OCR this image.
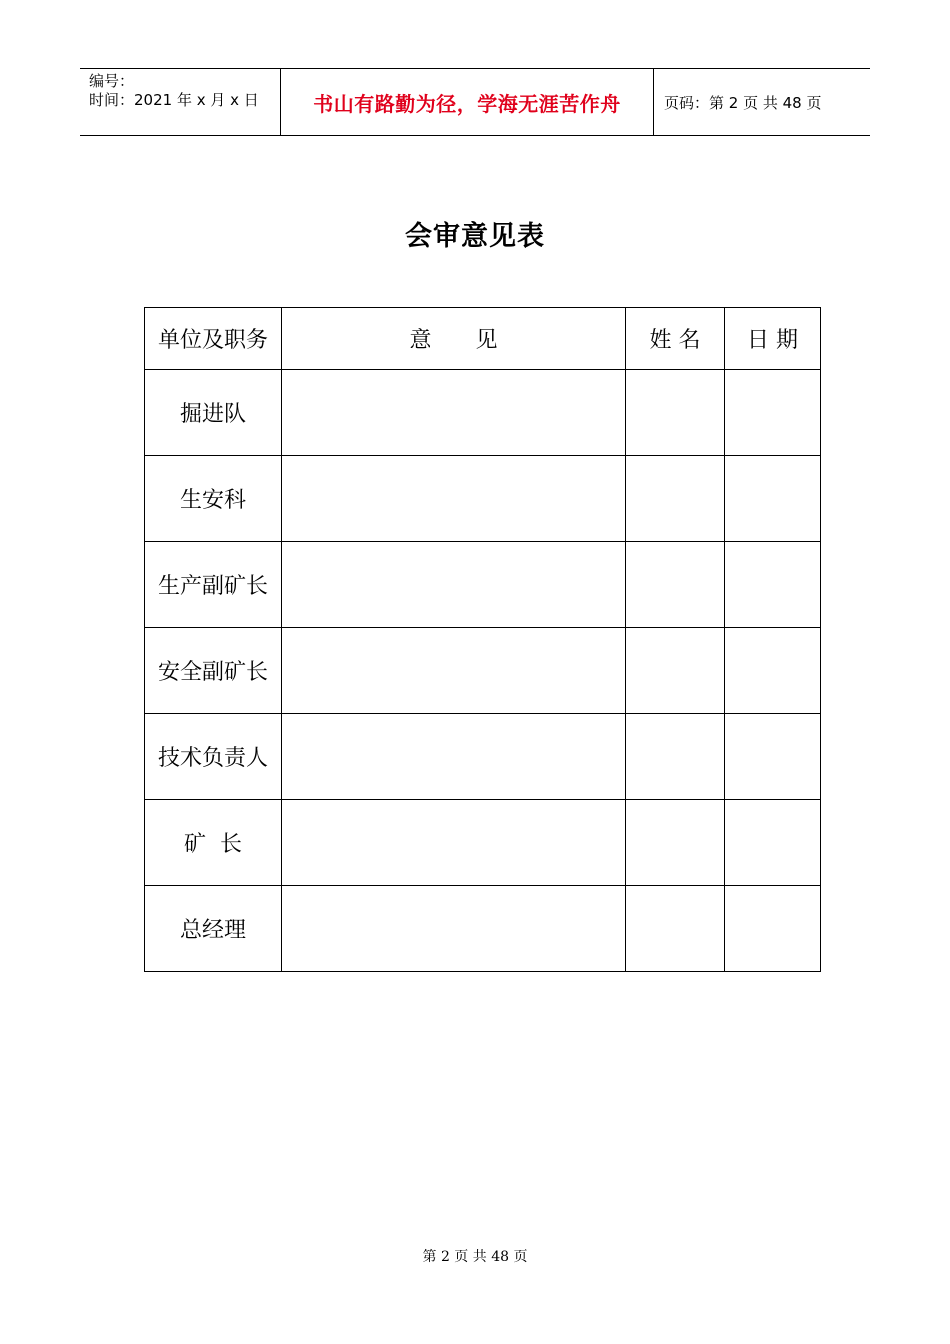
编号：
时间：2021 年 x 月 x 日	书山有路勤为径，学海无涯苦作舟	页码：第 2 页 共 48 页
会审意见表
单位及职务	意　　见	姓 名	日 期
掘进队			
生安科			
生产副矿长			
安全副矿长			
技术负责人			
矿  长			
总经理			
第 2 页 共 48 页
